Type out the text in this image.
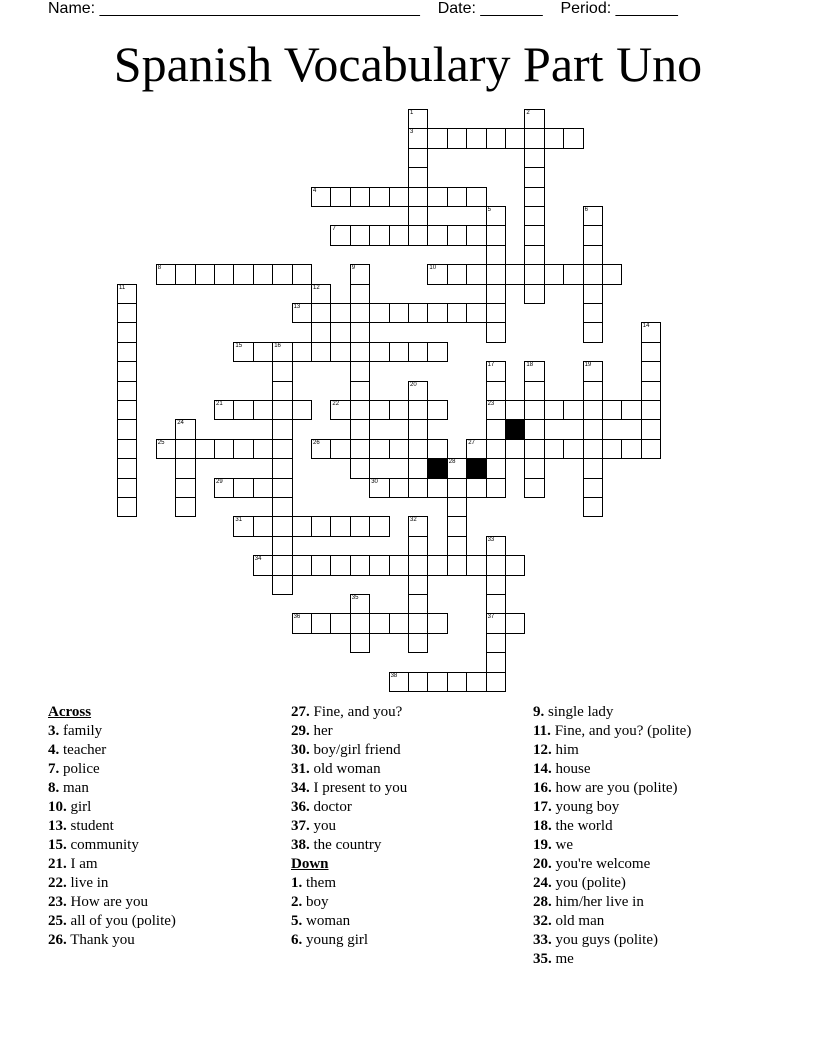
Name: ____________________________________ Date: _______ Period: _______
Spanish Vocabulary Part Uno
3
4
7
8	10
13
15	16
21	22	23
25	26	27
29	30
31
34
36	37
38
1	2
5	6
9
11	12
14
17	18	19
20
24
28
32
33
35
Across
3. family
4. teacher
7. police
8. man
10. girl
13. student
15. community
21. I am
22. live in
23. How are you
25. all of you (polite)
26. Thank you
27. Fine, and you?
29. her
30. boy/girl friend
31. old woman
34. I present to you
36. doctor
37. you
38. the country
Down
1. them
2. boy
5. woman
6. young girl
9. single lady
11. Fine, and you? (polite)
12. him
14. house
16. how are you (polite)
17. young boy
18. the world
19. we
20. you're welcome
24. you (polite)
28. him/her live in
32. old man
33. you guys (polite)
35. me
